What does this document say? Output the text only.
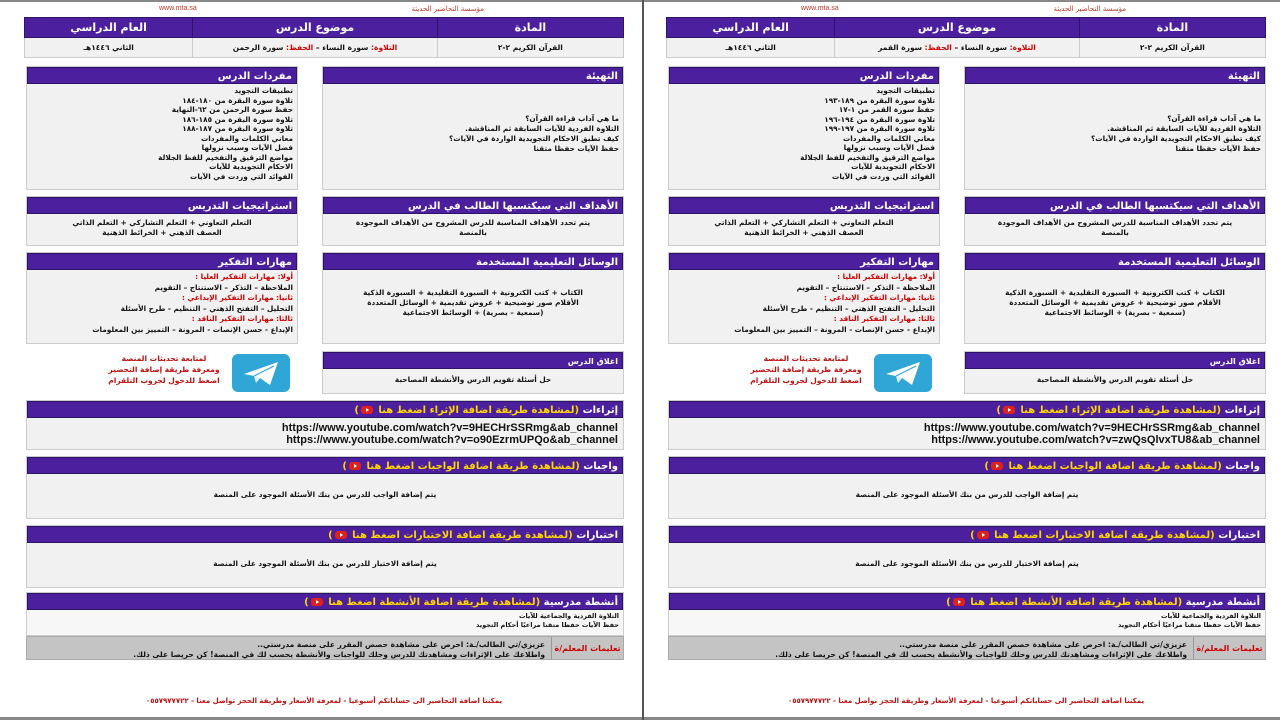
مؤسسة التحاضير الحديثة
www.mta.sa
المادة	موضوع الدرس	العام الدراسي
القرآن الكريم ٢-٢	التلاوة: سورة النساء – الحفظ: سورة الرحمن	الثاني ١٤٤٦هـ
التهيئة
ما هي آداب قراءة القرآن؟
التلاوة الفردية للآيات السابقة ثم المناقشة.
كيف تطبق الاحكام التجويدية الواردة في الآيات؟
حفظ الآيات حفظا متقنا
مفردات الدرس
تطبيقات التجويد
تلاوة سورة البقرة من ١٨٠-١٨٤
حفظ سورة الرحمن من ٦٢-النهاية
تلاوة سورة البقرة من ١٨٥-١٨٦
تلاوة سورة البقرة من ١٨٧-١٨٨
معاني الكلمات والمفردات
فضل الآيات وسبب نزولها
مواضع الترقيق والتفخيم للفظ الجلالة
الاحكام التجويدية للآيات
الفوائد التي وردت في الآيات
الأهداف التي سيكتسبها الطالب في الدرس
يتم تحدد الأهداف المناسبة للدرس المشروح من الأهداف الموجودة
بالمنصة
استراتيجيات التدريس
التعلم التعاوني + التعلم التشاركي + التعلم الذاتي
العصف الذهني + الخرائط الذهنية
الوسائل التعليمية المستخدمة
الكتاب + كتب الكترونية + السبورة التقليدية + السبورة الذكية
الأقلام صور توضيحية + عروض تقديمية + الوسائل المتعددة
(سمعية – بصرية) + الوسائط الاجتماعية
مهارات التفكير
أولا: مهارات التفكير العليا :
الملاحظة – التذكر – الاستنتاج – التقويم
ثانيا: مهارات التفكير الإبداعي :
التحليل – التفتح الذهني – التنظيم - طرح الأسئلة
ثالثا: مهارات التفكير الناقد :
الإبداع - حسن الإنصات - المرونة – التمييز بين المعلومات
اغلاق الدرس
حل أسئلة تقويم الدرس والأنشطة المصاحبة
لمتابعة تحديثات المنصة
ومعرفة طريقة إضافة التحضير
اضغط للدخول لجروب التلقرام
إثراءات (لمشاهدة طريقة اضافة الإثراء اضغط هنا )
https://www.youtube.com/watch?v=9HECHrSSRmg&ab_channel
https://www.youtube.com/watch?v=o90EzrmUPQo&ab_channel
واجبات (لمشاهدة طريقة اضافة الواجبات اضغط هنا )
يتم إضافة الواجب للدرس من بنك الأسئلة الموجود على المنصة
اختبارات (لمشاهدة طريقة اضافة الاختبارات اضغط هنا )
يتم إضافة الاختبار للدرس من بنك الأسئلة الموجود على المنصة
أنشطة مدرسية (لمشاهدة طريقة اضافة الأنشطة اضغط هنا )
التلاوة الفردية والجماعية للآيات
حفظ الآيات حفظا متقنا مراعيًا أحكام التجويد
تعليمات المعلم/ة
عزيزي/تي الطالب/ـة: احرص على مشاهدة حصص المقرر على منصة مدرستي..
واطلاعك على الإثراءات ومشاهدتك للدرس وحلك للواجبات والأنشطة يحسب لك في المنصة! كن حريصا على ذلك.
يمكننا اضافة التحاضير الى حساباتكم أسبوعيا - لمعرفة الأسعار وطريقة الحجز تواصل معنا - ٠٥٥٧٩٧٧٧٢٢
مؤسسة التحاضير الحديثة
www.mta.sa
المادة	موضوع الدرس	العام الدراسي
القرآن الكريم ٢-٢	التلاوة: سورة النساء – الحفظ: سورة القمر	الثاني ١٤٤٦هـ
التهيئة
ما هي آداب قراءة القرآن؟
التلاوة الفردية للآيات السابقة ثم المناقشة.
كيف تطبق الاحكام التجويدية الواردة في الآيات؟
حفظ الآيات حفظا متقنا
مفردات الدرس
تطبيقات التجويد
تلاوة سورة البقرة من ١٨٩-١٩٣
حفظ سورة القمر من ١-١٧
تلاوة سورة البقرة من ١٩٤-١٩٦
تلاوة سورة البقرة من ١٩٧-١٩٩
معاني الكلمات والمفردات
فضل الآيات وسبب نزولها
مواضع الترقيق والتفخيم للفظ الجلالة
الاحكام التجويدية للآيات
الفوائد التي وردت في الآيات
الأهداف التي سيكتسبها الطالب في الدرس
يتم تحدد الأهداف المناسبة للدرس المشروح من الأهداف الموجودة
بالمنصة
استراتيجيات التدريس
التعلم التعاوني + التعلم التشاركي + التعلم الذاتي
العصف الذهني + الخرائط الذهنية
الوسائل التعليمية المستخدمة
الكتاب + كتب الكترونية + السبورة التقليدية + السبورة الذكية
الأقلام صور توضيحية + عروض تقديمية + الوسائل المتعددة
(سمعية – بصرية) + الوسائط الاجتماعية
مهارات التفكير
أولا: مهارات التفكير العليا :
الملاحظة – التذكر – الاستنتاج – التقويم
ثانيا: مهارات التفكير الإبداعي :
التحليل – التفتح الذهني – التنظيم - طرح الأسئلة
ثالثا: مهارات التفكير الناقد :
الإبداع - حسن الإنصات - المرونة – التمييز بين المعلومات
اغلاق الدرس
حل أسئلة تقويم الدرس والأنشطة المصاحبة
لمتابعة تحديثات المنصة
ومعرفة طريقة إضافة التحضير
اضغط للدخول لجروب التلقرام
إثراءات (لمشاهدة طريقة اضافة الإثراء اضغط هنا )
https://www.youtube.com/watch?v=9HECHrSSRmg&ab_channel
https://www.youtube.com/watch?v=zwQsQlvxTU8&ab_channel
واجبات (لمشاهدة طريقة اضافة الواجبات اضغط هنا )
يتم إضافة الواجب للدرس من بنك الأسئلة الموجود على المنصة
اختبارات (لمشاهدة طريقة اضافة الاختبارات اضغط هنا )
يتم إضافة الاختبار للدرس من بنك الأسئلة الموجود على المنصة
أنشطة مدرسية (لمشاهدة طريقة اضافة الأنشطة اضغط هنا )
التلاوة الفردية والجماعية للآيات
حفظ الآيات حفظا متقنا مراعيًا أحكام التجويد
تعليمات المعلم/ة
عزيزي/تي الطالب/ـة: احرص على مشاهدة حصص المقرر على منصة مدرستي..
واطلاعك على الإثراءات ومشاهدتك للدرس وحلك للواجبات والأنشطة يحسب لك في المنصة! كن حريصا على ذلك.
يمكننا اضافة التحاضير الى حساباتكم أسبوعيا - لمعرفة الأسعار وطريقة الحجز تواصل معنا - ٠٥٥٧٩٧٧٧٢٢
